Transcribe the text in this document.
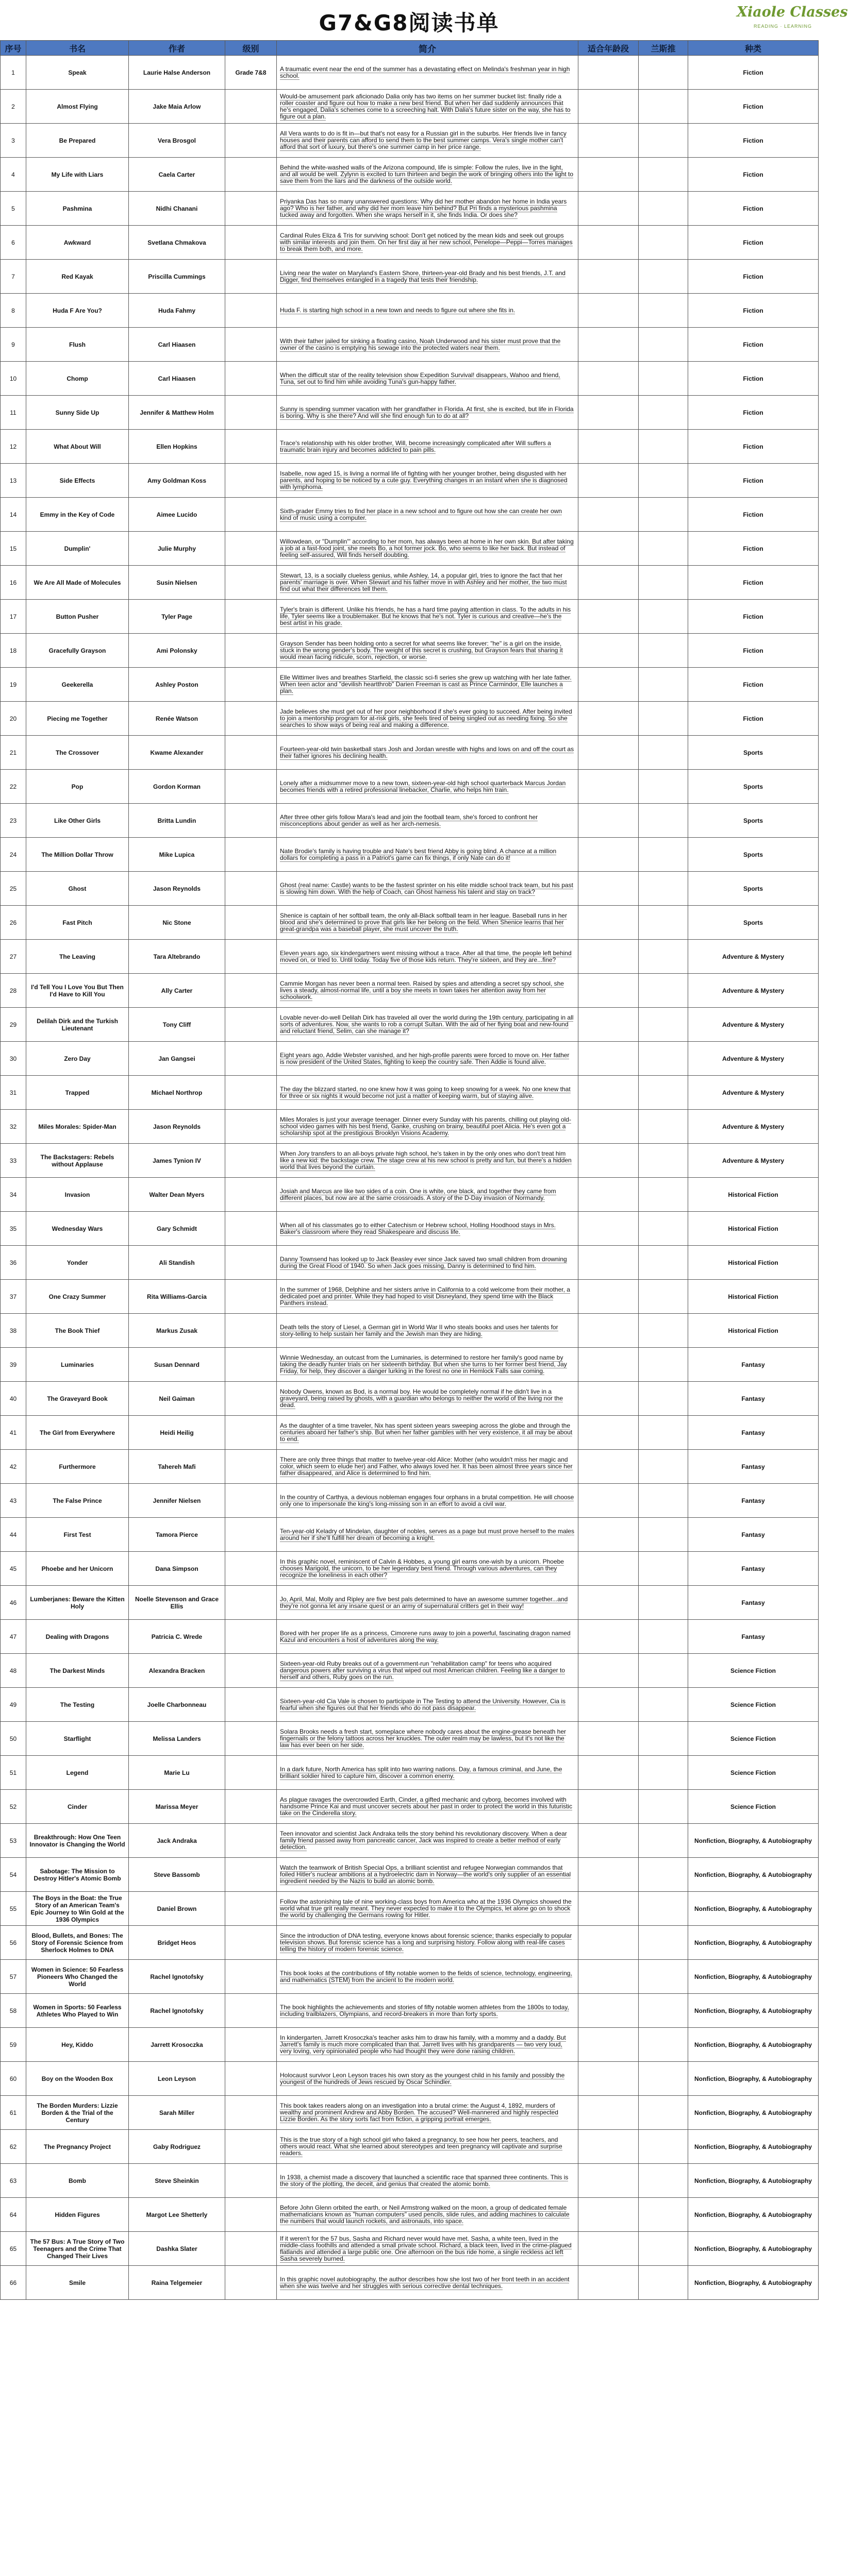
G7&G8阅读书单	Xiaole Classes
READING · LEARNING
序号	书名	作者	级别	简介	适合年龄段	兰斯推	种类
1	Speak	Laurie Halse Anderson	Grade 7&8	A traumatic event near the end of the summer has a devastating effect on Melinda's freshman year in high school.			Fiction
2	Almost Flying	Jake Maia Arlow		Would-be amusement park aficionado Dalia only has two items on her summer bucket list: finally ride a roller coaster and figure out how to make a new best friend. But when her dad suddenly announces that he's engaged, Dalia's schemes come to a screeching halt. With Dalia's future sister on the way, she has to figure out a plan.			Fiction
3	Be Prepared	Vera Brosgol		All Vera wants to do is fit in—but that's not easy for a Russian girl in the suburbs. Her friends live in fancy houses and their parents can afford to send them to the best summer camps. Vera's single mother can't afford that sort of luxury, but there's one summer camp in her price range.			Fiction
4	My Life with Liars	Caela Carter		Behind the white-washed walls of the Arizona compound, life is simple: Follow the rules, live in the light, and all would be well. Zylynn is excited to turn thirteen and begin the work of bringing others into the light to save them from the liars and the darkness of the outside world.			Fiction
5	Pashmina	Nidhi Chanani		Priyanka Das has so many unanswered questions: Why did her mother abandon her home in India years ago? Who is her father, and why did her mom leave him behind? But Pri finds a mysterious pashmina tucked away and forgotten. When she wraps herself in it, she finds India. Or does she?			Fiction
6	Awkward	Svetlana Chmakova		Cardinal Rules Eliza & Tris for surviving school: Don't get noticed by the mean kids and seek out groups with similar interests and join them. On her first day at her new school, Penelope—Peppi—Torres manages to break them both, and more.			Fiction
7	Red Kayak	Priscilla Cummings		Living near the water on Maryland's Eastern Shore, thirteen-year-old Brady and his best friends, J.T. and Digger, find themselves entangled in a tragedy that tests their friendship.			Fiction
8	Huda F Are You?	Huda Fahmy		Huda F. is starting high school in a new town and needs to figure out where she fits in.			Fiction
9	Flush	Carl Hiaasen		With their father jailed for sinking a floating casino, Noah Underwood and his sister must prove that the owner of the casino is emptying his sewage into the protected waters near them.			Fiction
10	Chomp	Carl Hiaasen		When the difficult star of the reality television show Expedition Survival! disappears, Wahoo and friend, Tuna, set out to find him while avoiding Tuna's gun-happy father.			Fiction
11	Sunny Side Up	Jennifer & Matthew Holm		Sunny is spending summer vacation with her grandfather in Florida. At first, she is excited, but life in Florida is boring. Why is she there? And will she find enough fun to do at all?			Fiction
12	What About Will	Ellen Hopkins		Trace's relationship with his older brother, Will, become increasingly complicated after Will suffers a traumatic brain injury and becomes addicted to pain pills.			Fiction
13	Side Effects	Amy Goldman Koss		Isabelle, now aged 15, is living a normal life of fighting with her younger brother, being disgusted with her parents, and hoping to be noticed by a cute guy. Everything changes in an instant when she is diagnosed with lymphoma.			Fiction
14	Emmy in the Key of Code	Aimee Lucido		Sixth-grader Emmy tries to find her place in a new school and to figure out how she can create her own kind of music using a computer.			Fiction
15	Dumplin'	Julie Murphy		Willowdean, or "Dumplin'" according to her mom, has always been at home in her own skin. But after taking a job at a fast-food joint, she meets Bo, a hot former jock. Bo, who seems to like her back. But instead of feeling self-assured, Will finds herself doubting.			Fiction
16	We Are All Made of Molecules	Susin Nielsen		Stewart, 13, is a socially clueless genius, while Ashley, 14, a popular girl, tries to ignore the fact that her parents' marriage is over. When Stewart and his father move in with Ashley and her mother, the two must find out what their differences tell them.			Fiction
17	Button Pusher	Tyler Page		Tyler's brain is different. Unlike his friends, he has a hard time paying attention in class. To the adults in his life, Tyler seems like a troublemaker. But he knows that he's not. Tyler is curious and creative—he's the best artist in his grade.			Fiction
18	Gracefully Grayson	Ami Polonsky		Grayson Sender has been holding onto a secret for what seems like forever: "he" is a girl on the inside, stuck in the wrong gender's body. The weight of this secret is crushing, but Grayson fears that sharing it would mean facing ridicule, scorn, rejection, or worse.			Fiction
19	Geekerella	Ashley Poston		Elle Wittimer lives and breathes Starfield, the classic sci-fi series she grew up watching with her late father. When teen actor and "devilish heartthrob" Darien Freeman is cast as Prince Carmindor, Elle launches a plan.			Fiction
20	Piecing me Together	Renée Watson		Jade believes she must get out of her poor neighborhood if she's ever going to succeed. After being invited to join a mentorship program for at-risk girls, she feels tired of being singled out as needing fixing. So she searches to show ways of being real and making a difference.			Fiction
21	The Crossover	Kwame Alexander		Fourteen-year-old twin basketball stars Josh and Jordan wrestle with highs and lows on and off the court as their father ignores his declining health.			Sports
22	Pop	Gordon Korman		Lonely after a midsummer move to a new town, sixteen-year-old high school quarterback Marcus Jordan becomes friends with a retired professional linebacker, Charlie, who helps him train.			Sports
23	Like Other Girls	Britta Lundin		After three other girls follow Mara's lead and join the football team, she's forced to confront her misconceptions about gender as well as her arch-nemesis.			Sports
24	The Million Dollar Throw	Mike Lupica		Nate Brodie's family is having trouble and Nate's best friend Abby is going blind. A chance at a million dollars for completing a pass in a Patriot's game can fix things, if only Nate can do it!			Sports
25	Ghost	Jason Reynolds		Ghost (real name: Castle) wants to be the fastest sprinter on his elite middle school track team, but his past is slowing him down. With the help of Coach, can Ghost harness his talent and stay on track?			Sports
26	Fast Pitch	Nic Stone		Shenice is captain of her softball team, the only all-Black softball team in her league. Baseball runs in her blood and she's determined to prove that girls like her belong on the field. When Shenice learns that her great-grandpa was a baseball player, she must uncover the truth.			Sports
27	The Leaving	Tara Altebrando		Eleven years ago, six kindergartners went missing without a trace. After all that time, the people left behind moved on, or tried to. Until today. Today five of those kids return. They're sixteen, and they are...fine?			Adventure & Mystery
28	I'd Tell You I Love You But Then I'd Have to Kill You	Ally Carter		Cammie Morgan has never been a normal teen. Raised by spies and attending a secret spy school, she lives a steady, almost-normal life, until a boy she meets in town takes her attention away from her schoolwork.			Adventure & Mystery
29	Delilah Dirk and the Turkish Lieutenant	Tony Cliff		Lovable never-do-well Delilah Dirk has traveled all over the world during the 19th century, participating in all sorts of adventures. Now, she wants to rob a corrupt Sultan. With the aid of her flying boat and new-found and reluctant friend, Selim, can she manage it?			Adventure & Mystery
30	Zero Day	Jan Gangsei		Eight years ago, Addie Webster vanished, and her high-profile parents were forced to move on. Her father is now president of the United States, fighting to keep the country safe. Then Addie is found alive.			Adventure & Mystery
31	Trapped	Michael Northrop		The day the blizzard started, no one knew how it was going to keep snowing for a week. No one knew that for three or six nights it would become not just a matter of keeping warm, but of staying alive.			Adventure & Mystery
32	Miles Morales: Spider-Man	Jason Reynolds		Miles Morales is just your average teenager. Dinner every Sunday with his parents, chilling out playing old-school video games with his best friend, Ganke, crushing on brainy, beautiful poet Alicia. He's even got a scholarship spot at the prestigious Brooklyn Visions Academy.			Adventure & Mystery
33	The Backstagers: Rebels without Applause	James Tynion IV		When Jory transfers to an all-boys private high school, he's taken in by the only ones who don't treat him like a new kid: the backstage crew. The stage crew at his new school is pretty and fun, but there's a hidden world that lives beyond the curtain.			Adventure & Mystery
34	Invasion	Walter Dean Myers		Josiah and Marcus are like two sides of a coin. One is white, one black, and together they came from different places, but now are at the same crossroads. A story of the D-Day invasion of Normandy.			Historical Fiction
35	Wednesday Wars	Gary Schmidt		When all of his classmates go to either Catechism or Hebrew school, Holling Hoodhood stays in Mrs. Baker's classroom where they read Shakespeare and discuss life.			Historical Fiction
36	Yonder	Ali Standish		Danny Townsend has looked up to Jack Beasley ever since Jack saved two small children from drowning during the Great Flood of 1940. So when Jack goes missing, Danny is determined to find him.			Historical Fiction
37	One Crazy Summer	Rita Williams-Garcia		In the summer of 1968, Delphine and her sisters arrive in California to a cold welcome from their mother, a dedicated poet and printer. While they had hoped to visit Disneyland, they spend time with the Black Panthers instead.			Historical Fiction
38	The Book Thief	Markus Zusak		Death tells the story of Liesel, a German girl in World War II who steals books and uses her talents for story-telling to help sustain her family and the Jewish man they are hiding.			Historical Fiction
39	Luminaries	Susan Dennard		Winnie Wednesday, an outcast from the Luminaries, is determined to restore her family's good name by taking the deadly hunter trials on her sixteenth birthday. But when she turns to her former best friend, Jay Friday, for help, they discover a danger lurking in the forest no one in Hemlock Falls saw coming.			Fantasy
40	The Graveyard Book	Neil Gaiman		Nobody Owens, known as Bod, is a normal boy. He would be completely normal if he didn't live in a graveyard, being raised by ghosts, with a guardian who belongs to neither the world of the living nor the dead.			Fantasy
41	The Girl from Everywhere	Heidi Heilig		As the daughter of a time traveler, Nix has spent sixteen years sweeping across the globe and through the centuries aboard her father's ship. But when her father gambles with her very existence, it all may be about to end.			Fantasy
42	Furthermore	Tahereh Mafi		There are only three things that matter to twelve-year-old Alice: Mother (who wouldn't miss her magic and color, which seem to elude her) and Father, who always loved her. It has been almost three years since her father disappeared, and Alice is determined to find him.			Fantasy
43	The False Prince	Jennifer Nielsen		In the country of Carthya, a devious nobleman engages four orphans in a brutal competition. He will choose only one to impersonate the king's long-missing son in an effort to avoid a civil war.			Fantasy
44	First Test	Tamora Pierce		Ten-year-old Keladry of Mindelan, daughter of nobles, serves as a page but must prove herself to the males around her if she'll fulfill her dream of becoming a knight.			Fantasy
45	Phoebe and her Unicorn	Dana Simpson		In this graphic novel, reminiscent of Calvin & Hobbes, a young girl earns one-wish by a unicorn. Phoebe chooses Marigold, the unicorn, to be her legendary best friend. Through various adventures, can they recognize the loneliness in each other?			Fantasy
46	Lumberjanes: Beware the Kitten Holy	Noelle Stevenson and Grace Ellis		Jo, April, Mal, Molly and Ripley are five best pals determined to have an awesome summer together...and they're not gonna let any insane quest or an army of supernatural critters get in their way!			Fantasy
47	Dealing with Dragons	Patricia C. Wrede		Bored with her proper life as a princess, Cimorene runs away to join a powerful, fascinating dragon named Kazul and encounters a host of adventures along the way.			Fantasy
48	The Darkest Minds	Alexandra Bracken		Sixteen-year-old Ruby breaks out of a government-run "rehabilitation camp" for teens who acquired dangerous powers after surviving a virus that wiped out most American children. Feeling like a danger to herself and others, Ruby goes on the run.			Science Fiction
49	The Testing	Joelle Charbonneau		Sixteen-year-old Cia Vale is chosen to participate in The Testing to attend the University. However, Cia is fearful when she figures out that her friends who do not pass disappear.			Science Fiction
50	Starflight	Melissa Landers		Solara Brooks needs a fresh start, someplace where nobody cares about the engine-grease beneath her fingernails or the felony tattoos across her knuckles. The outer realm may be lawless, but it's not like the law has ever been on her side.			Science Fiction
51	Legend	Marie Lu		In a dark future, North America has split into two warring nations. Day, a famous criminal, and June, the brilliant soldier hired to capture him, discover a common enemy.			Science Fiction
52	Cinder	Marissa Meyer		As plague ravages the overcrowded Earth, Cinder, a gifted mechanic and cyborg, becomes involved with handsome Prince Kai and must uncover secrets about her past in order to protect the world in this futuristic take on the Cinderella story.			Science Fiction
53	Breakthrough: How One Teen Innovator is Changing the World	Jack Andraka		Teen innovator and scientist Jack Andraka tells the story behind his revolutionary discovery. When a dear family friend passed away from pancreatic cancer, Jack was inspired to create a better method of early detection.			Nonfiction, Biography, & Autobiography
54	Sabotage: The Mission to Destroy Hitler's Atomic Bomb	Steve Bassomb		Watch the teamwork of British Special Ops, a brilliant scientist and refugee Norwegian commandos that foiled Hitler's nuclear ambitions at a hydroelectric dam in Norway—the world's only supplier of an essential ingredient needed by the Nazis to build an atomic bomb.			Nonfiction, Biography, & Autobiography
55	The Boys in the Boat: the True Story of an American Team's Epic Journey to Win Gold at the 1936 Olympics	Daniel Brown		Follow the astonishing tale of nine working-class boys from America who at the 1936 Olympics showed the world what true grit really meant. They never expected to make it to the Olympics, let alone go on to shock the world by challenging the Germans rowing for Hitler.			Nonfiction, Biography, & Autobiography
56	Blood, Bullets, and Bones: The Story of Forensic Science from Sherlock Holmes to DNA	Bridget Heos		Since the introduction of DNA testing, everyone knows about forensic science; thanks especially to popular television shows. But forensic science has a long and surprising history. Follow along with real-life cases telling the history of modern forensic science.			Nonfiction, Biography, & Autobiography
57	Women in Science: 50 Fearless Pioneers Who Changed the World	Rachel Ignotofsky		This book looks at the contributions of fifty notable women to the fields of science, technology, engineering, and mathematics (STEM) from the ancient to the modern world.			Nonfiction, Biography, & Autobiography
58	Women in Sports: 50 Fearless Athletes Who Played to Win	Rachel Ignotofsky		The book highlights the achievements and stories of fifty notable women athletes from the 1800s to today, including trailblazers, Olympians, and record-breakers in more than forty sports.			Nonfiction, Biography, & Autobiography
59	Hey, Kiddo	Jarrett Krosoczka		In kindergarten, Jarrett Krosoczka's teacher asks him to draw his family, with a mommy and a daddy. But Jarrett's family is much more complicated than that. Jarrett lives with his grandparents — two very loud, very loving, very opinionated people who had thought they were done raising children.			Nonfiction, Biography, & Autobiography
60	Boy on the Wooden Box	Leon Leyson		Holocaust survivor Leon Leyson traces his own story as the youngest child in his family and possibly the youngest of the hundreds of Jews rescued by Oscar Schindler.			Nonfiction, Biography, & Autobiography
61	The Borden Murders: Lizzie Borden & the Trial of the Century	Sarah Miller		This book takes readers along on an investigation into a brutal crime: the August 4, 1892, murders of wealthy and prominent Andrew and Abby Borden. The accused? Well-mannered and highly respected Lizzie Borden. As the story sorts fact from fiction, a gripping portrait emerges.			Nonfiction, Biography, & Autobiography
62	The Pregnancy Project	Gaby Rodriguez		This is the true story of a high school girl who faked a pregnancy, to see how her peers, teachers, and others would react. What she learned about stereotypes and teen pregnancy will captivate and surprise readers.			Nonfiction, Biography, & Autobiography
63	Bomb	Steve Sheinkin		In 1938, a chemist made a discovery that launched a scientific race that spanned three continents. This is the story of the plotting, the deceit, and genius that created the atomic bomb.			Nonfiction, Biography, & Autobiography
64	Hidden Figures	Margot Lee Shetterly		Before John Glenn orbited the earth, or Neil Armstrong walked on the moon, a group of dedicated female mathematicians known as "human computers" used pencils, slide rules, and adding machines to calculate the numbers that would launch rockets, and astronauts, into space.			Nonfiction, Biography, & Autobiography
65	The 57 Bus: A True Story of Two Teenagers and the Crime That Changed Their Lives	Dashka Slater		If it weren't for the 57 bus, Sasha and Richard never would have met. Sasha, a white teen, lived in the middle-class foothills and attended a small private school. Richard, a black teen, lived in the crime-plagued flatlands and attended a large public one. One afternoon on the bus ride home, a single reckless act left Sasha severely burned.			Nonfiction, Biography, & Autobiography
66	Smile	Raina Telgemeier		In this graphic novel autobiography, the author describes how she lost two of her front teeth in an accident when she was twelve and her struggles with serious corrective dental techniques.			Nonfiction, Biography, & Autobiography
